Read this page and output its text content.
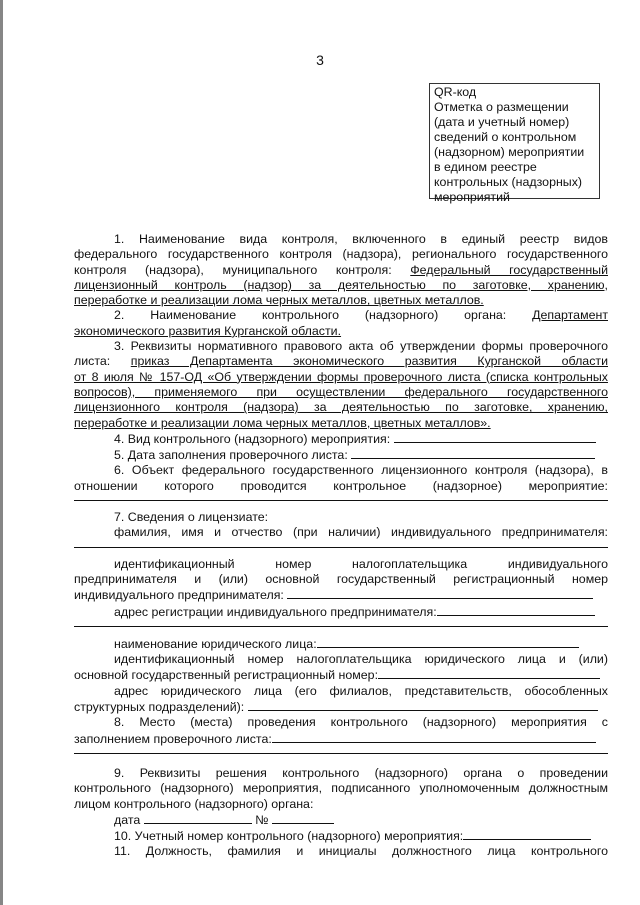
3
QR-код
Отметка о размещении
(дата и учетный номер)
сведений о контрольном
(надзорном) мероприятии
в едином реестре
контрольных (надзорных)
мероприятий

1. Наименование вида контроля, включенного в единый реестр видов

федерального государственного контроля (надзора), регионального государственного

контроля (надзора), муниципального контроля: Федеральный государственный

лицензионный контроль (надзор) за деятельностью по заготовке, хранению,

переработке и реализации лома черных металлов, цветных металлов.

2. Наименование контрольного (надзорного) органа: Департамент

экономического развития Курганской области.

3. Реквизиты нормативного правового акта об утверждении формы проверочного

листа: приказ Департамента экономического развития Курганской области

от 8 июля № 157-ОД «Об утверждении формы проверочного листа (списка контрольных

вопросов), применяемого при осуществлении федерального государственного

лицензионного контроля (надзора) за деятельностью по заготовке, хранению,

переработке и реализации лома черных металлов, цветных металлов».

4. Вид контрольного (надзорного) мероприятия:

5. Дата заполнения проверочного листа:

6. Объект федерального государственного лицензионного контроля (надзора), в

отношении которого проводится контрольное (надзорное) мероприятие:

7. Сведения о лицензиате:

фамилия, имя и отчество (при наличии) индивидуального предпринимателя:

идентификационный номер налогоплательщика индивидуального

предпринимателя и (или) основной государственный регистрационный номер

индивидуального предпринимателя:

адрес регистрации индивидуального предпринимателя:

наименование юридического лица:

идентификационный номер налогоплательщика юридического лица и (или)

основной государственный регистрационный номер:

адрес юридического лица (его филиалов, представительств, обособленных

структурных подразделений):

8. Место (места) проведения контрольного (надзорного) мероприятия с

заполнением проверочного листа:

9. Реквизиты решения контрольного (надзорного) органа о проведении

контрольного (надзорного) мероприятия, подписанного уполномоченным должностным

лицом контрольного (надзорного) органа:

дата	№

10. Учетный номер контрольного (надзорного) мероприятия:

11. Должность, фамилия и инициалы должностного лица контрольного
